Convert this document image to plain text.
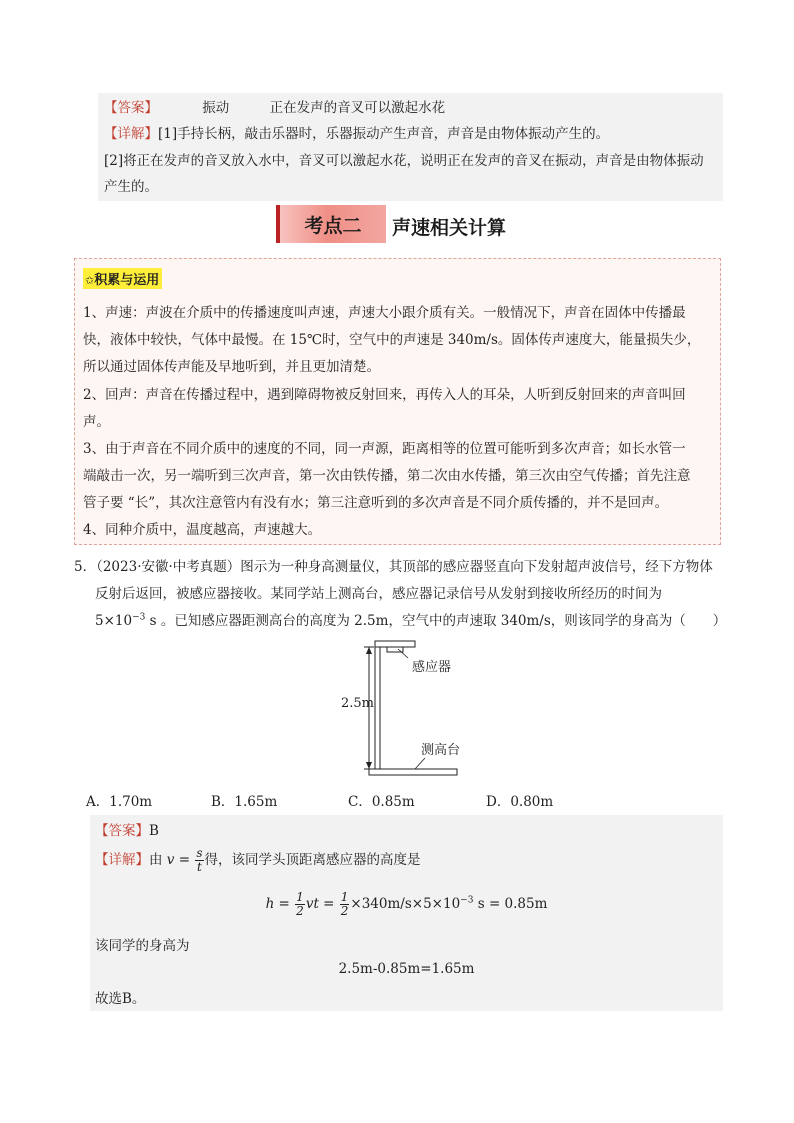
【答案】	振动	正在发声的音叉可以激起水花
【详解】[1]手持长柄，敲击乐器时，乐器振动产生声音，声音是由物体振动产生的。
[2]将正在发声的音叉放入水中，音叉可以激起水花，说明正在发声的音叉在振动，声音是由物体振动
产生的。
考点二	声速相关计算
✩积累与运用
1、声速：声波在介质中的传播速度叫声速，声速大小跟介质有关。一般情况下，声音在固体中传播最
快，液体中较快，气体中最慢。在 15℃时，空气中的声速是 340m/s。固体传声速度大，能量损失少，
所以通过固体传声能及早地听到，并且更加清楚。
2、回声：声音在传播过程中，遇到障碍物被反射回来，再传入人的耳朵，人听到反射回来的声音叫回
声。
3、由于声音在不同介质中的速度的不同，同一声源，距离相等的位置可能听到多次声音；如长水管一
端敲击一次，另一端听到三次声音，第一次由铁传播，第二次由水传播，第三次由空气传播；首先注意
管子要 “长”，其次注意管内有没有水；第三注意听到的多次声音是不同介质传播的，并不是回声。
4、同种介质中，温度越高，声速越大。
5．（2023·安徽·中考真题）图示为一种身高测量仪，其顶部的感应器竖直向下发射超声波信号，经下方物体
反射后返回，被感应器接收。某同学站上测高台，感应器记录信号从发射到接收所经历的时间为
$5\times 10^{-3}$ s 。已知感应器距测高台的高度为 2.5m，空气中的声速取 340m/s，则该同学的身高为（　　）
感应器
2.5m
测高台
A．1.70m	B．1.65m	C．0.85m	D．0.80m
【答案】B
【详解】由 $v = \frac{s}{t}$ 得，该同学头顶距离感应器的高度是
$h = \frac{1}{2}$ vt = $\frac{1}{2} \times 340m/s\times 5\times 10^{-3}$ s = 0.85m
该同学的身高为
2.5m-0.85m=1.65m
故选B。
